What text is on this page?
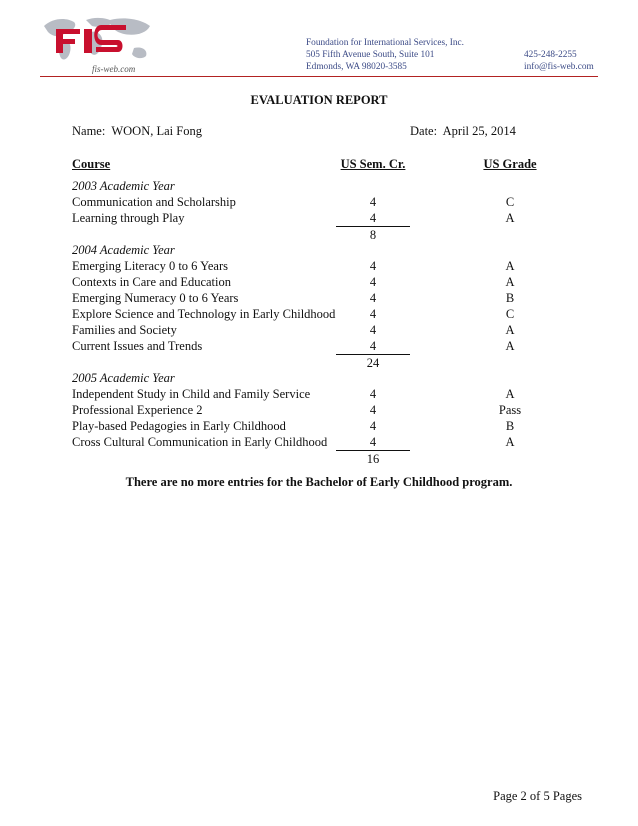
fis-web.com
Foundation for International Services, Inc.
505 Fifth Avenue South, Suite 101
Edmonds, WA 98020-3585
425-248-2255
info@fis-web.com
EVALUATION REPORT
Name: WOON, Lai Fong	Date: April 25, 2014
Course	US Sem. Cr.	US Grade
2003 Academic Year
Communication and Scholarship	4	C
Learning through Play	4	A
8
2004 Academic Year
Emerging Literacy 0 to 6 Years	4	A
Contexts in Care and Education	4	A
Emerging Numeracy 0 to 6 Years	4	B
Explore Science and Technology in Early Childhood	4	C
Families and Society	4	A
Current Issues and Trends	4	A
24
2005 Academic Year
Independent Study in Child and Family Service	4	A
Professional Experience 2	4	Pass
Play-based Pedagogies in Early Childhood	4	B
Cross Cultural Communication in Early Childhood	4	A
16
There are no more entries for the Bachelor of Early Childhood program.
Page 2 of 5 Pages
